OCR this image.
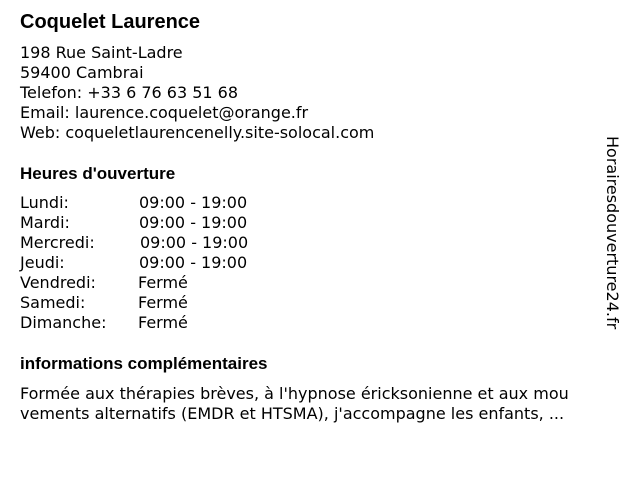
Coquelet Laurence
198 Rue Saint-Ladre
59400 Cambrai
Telefon: +33 6 76 63 51 68
Email: laurence.coquelet@orange.fr
Web: coqueletlaurencenelly.site-solocal.com
Heures d'ouverture
Lundi:	09:00 - 19:00
Mardi:	09:00 - 19:00
Mercredi:	09:00 - 19:00
Jeudi:	09:00 - 19:00
Vendredi:	Fermé
Samedi:	Fermé
Dimanche: Fermé
informations complémentaires
Formée aux thérapies brèves, à l'hypnose éricksonienne et aux mou
vements alternatifs (EMDR et HTSMA), j'accompagne les enfants, ...
Horairesdouverture24.fr
